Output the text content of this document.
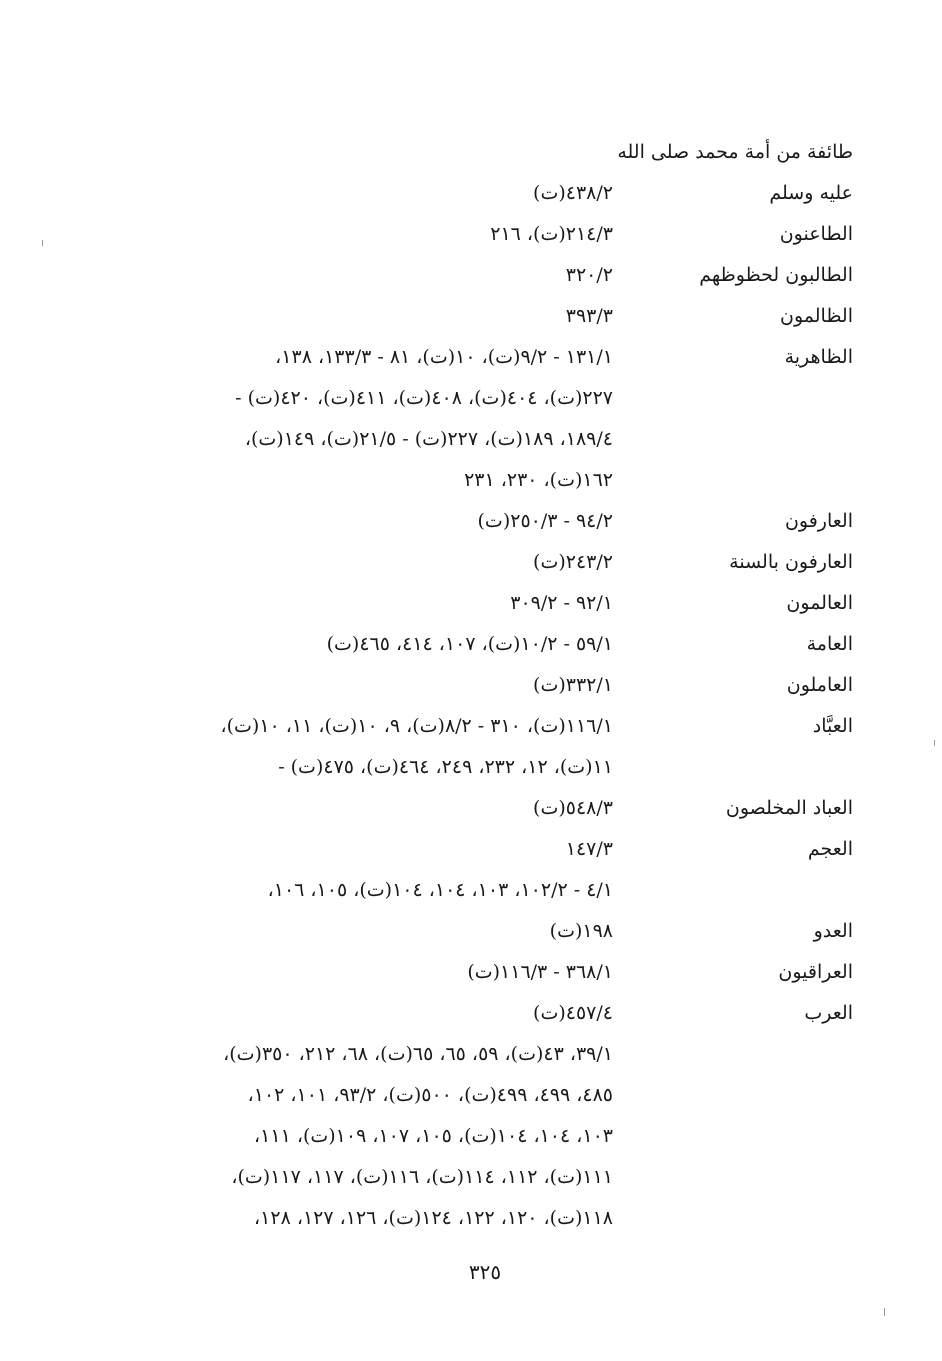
طائفة من أمة محمد صلى الله
عليه وسلم
٤٣٨/٢(ت)
الطاعنون
٢١٤/٣(ت)، ٢١٦
الطالبون لحظوظهم
٣٢٠/٢
الظالمون
٣٩٣/٣
الظاهرية
١٣١/١ - ٩/٢(ت)، ١٠(ت)، ٨١ - ١٣٣/٣، ١٣٨،
٢٢٧(ت)، ٤٠٤(ت)، ٤٠٨(ت)، ٤١١(ت)، ٤٢٠(ت) -
١٨٩/٤، ١٨٩(ت)، ٢٢٧(ت) - ٢١/٥(ت)، ١٤٩(ت)،
١٦٢(ت)، ٢٣٠، ٢٣١
العارفون
٩٤/٢ - ٢٥٠/٣(ت)
العارفون بالسنة
٢٤٣/٢(ت)
العالمون
٩٢/١ - ٣٠٩/٢
العامة
٥٩/١ - ١٠/٢(ت)، ١٠٧، ٤١٤، ٤٦٥(ت)
العاملون
٣٣٢/١(ت)
العبَّاد
١١٦/١(ت)، ٣١٠ - ٨/٢(ت)، ٩، ١٠(ت)، ١١، ١٠(ت)،
١١(ت)، ١٢، ٢٣٢، ٢٤٩، ٤٦٤(ت)، ٤٧٥(ت) -
العباد المخلصون
٥٤٨/٣(ت)
العجم
١٤٧/٣
٤/١ - ١٠٢/٢، ١٠٣، ١٠٤، ١٠٤(ت)، ١٠٥، ١٠٦،
العدو
١٩٨(ت)
العراقيون
٣٦٨/١ - ١١٦/٣(ت)
العرب
٤٥٧/٤(ت)
٣٩/١، ٤٣(ت)، ٥٩، ٦٥، ٦٥(ت)، ٦٨، ٢١٢، ٣٥٠(ت)،
٤٨٥، ٤٩٩، ٤٩٩(ت)، ٥٠٠(ت)، ٩٣/٢، ١٠١، ١٠٢،
١٠٣، ١٠٤، ١٠٤(ت)، ١٠٥، ١٠٧، ١٠٩(ت)، ١١١،
١١١(ت)، ١١٢، ١١٤(ت)، ١١٦(ت)، ١١٧، ١١٧(ت)،
١١٨(ت)، ١٢٠، ١٢٢، ١٢٤(ت)، ١٢٦، ١٢٧، ١٢٨،
٣٢٥
